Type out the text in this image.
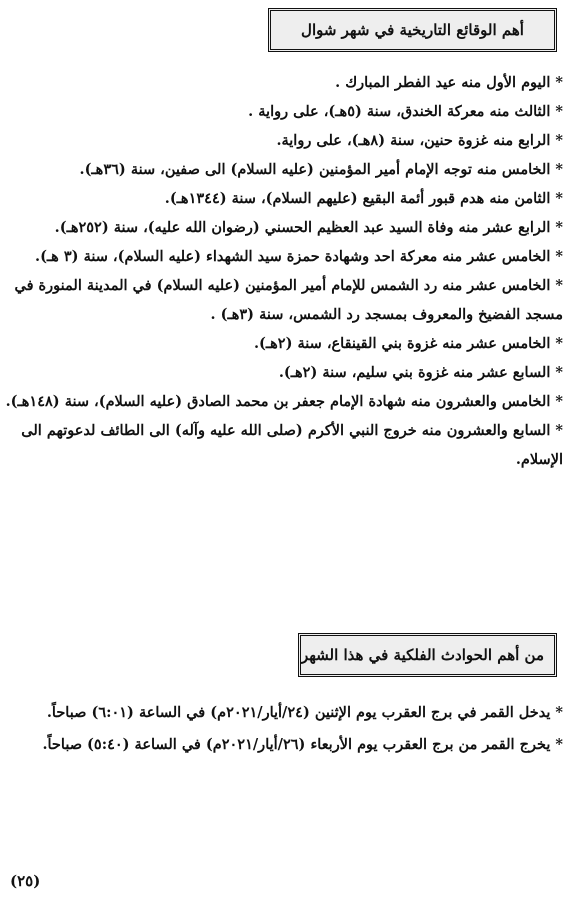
أهم الوقائع التاريخية في شهر شوال
* اليوم الأول منه عيد الفطر المبارك .
* الثالث منه معركة الخندق، سنة (٥هـ)، على رواية .
* الرابع منه غزوة حنين، سنة (٨هـ)، على رواية.
* الخامس منه توجه الإمام أمير المؤمنين (عليه السلام) الى صفين، سنة (٣٦هـ).
* الثامن منه هدم قبور أئمة البقيع (عليهم السلام)، سنة (١٣٤٤هـ).
* الرابع عشر منه وفاة السيد عبد العظيم الحسني (رضوان الله عليه)، سنة (٢٥٢هـ).
* الخامس عشر منه معركة احد وشهادة حمزة سيد الشهداء (عليه السلام)، سنة (٣ هـ).
* الخامس عشر منه رد الشمس للإمام أمير المؤمنين (عليه السلام) في المدينة المنورة في مسجد الفضيخ والمعروف بمسجد رد الشمس، سنة (٣هـ) .
* الخامس عشر منه غزوة بني القينقاع، سنة (٢هـ).
* السابع عشر منه غزوة بني سليم، سنة (٢هـ).
* الخامس والعشرون منه شهادة الإمام جعفر بن محمد الصادق (عليه السلام)، سنة (١٤٨هـ).
* السابع والعشرون منه خروج النبي الأكرم (صلى الله عليه وآله) الى الطائف لدعوتهم الى الإسلام.
من أهم الحوادث الفلكية في هذا الشهر
* يدخل القمر في برج العقرب يوم الإثنين (٢٤/أيار/٢٠٢١م) في الساعة (٦:٠١) صباحاً.
* يخرج القمر من برج العقرب يوم الأربعاء (٢٦/أيار/٢٠٢١م) في الساعة (٥:٤٠) صباحاً.
(٢٥)
